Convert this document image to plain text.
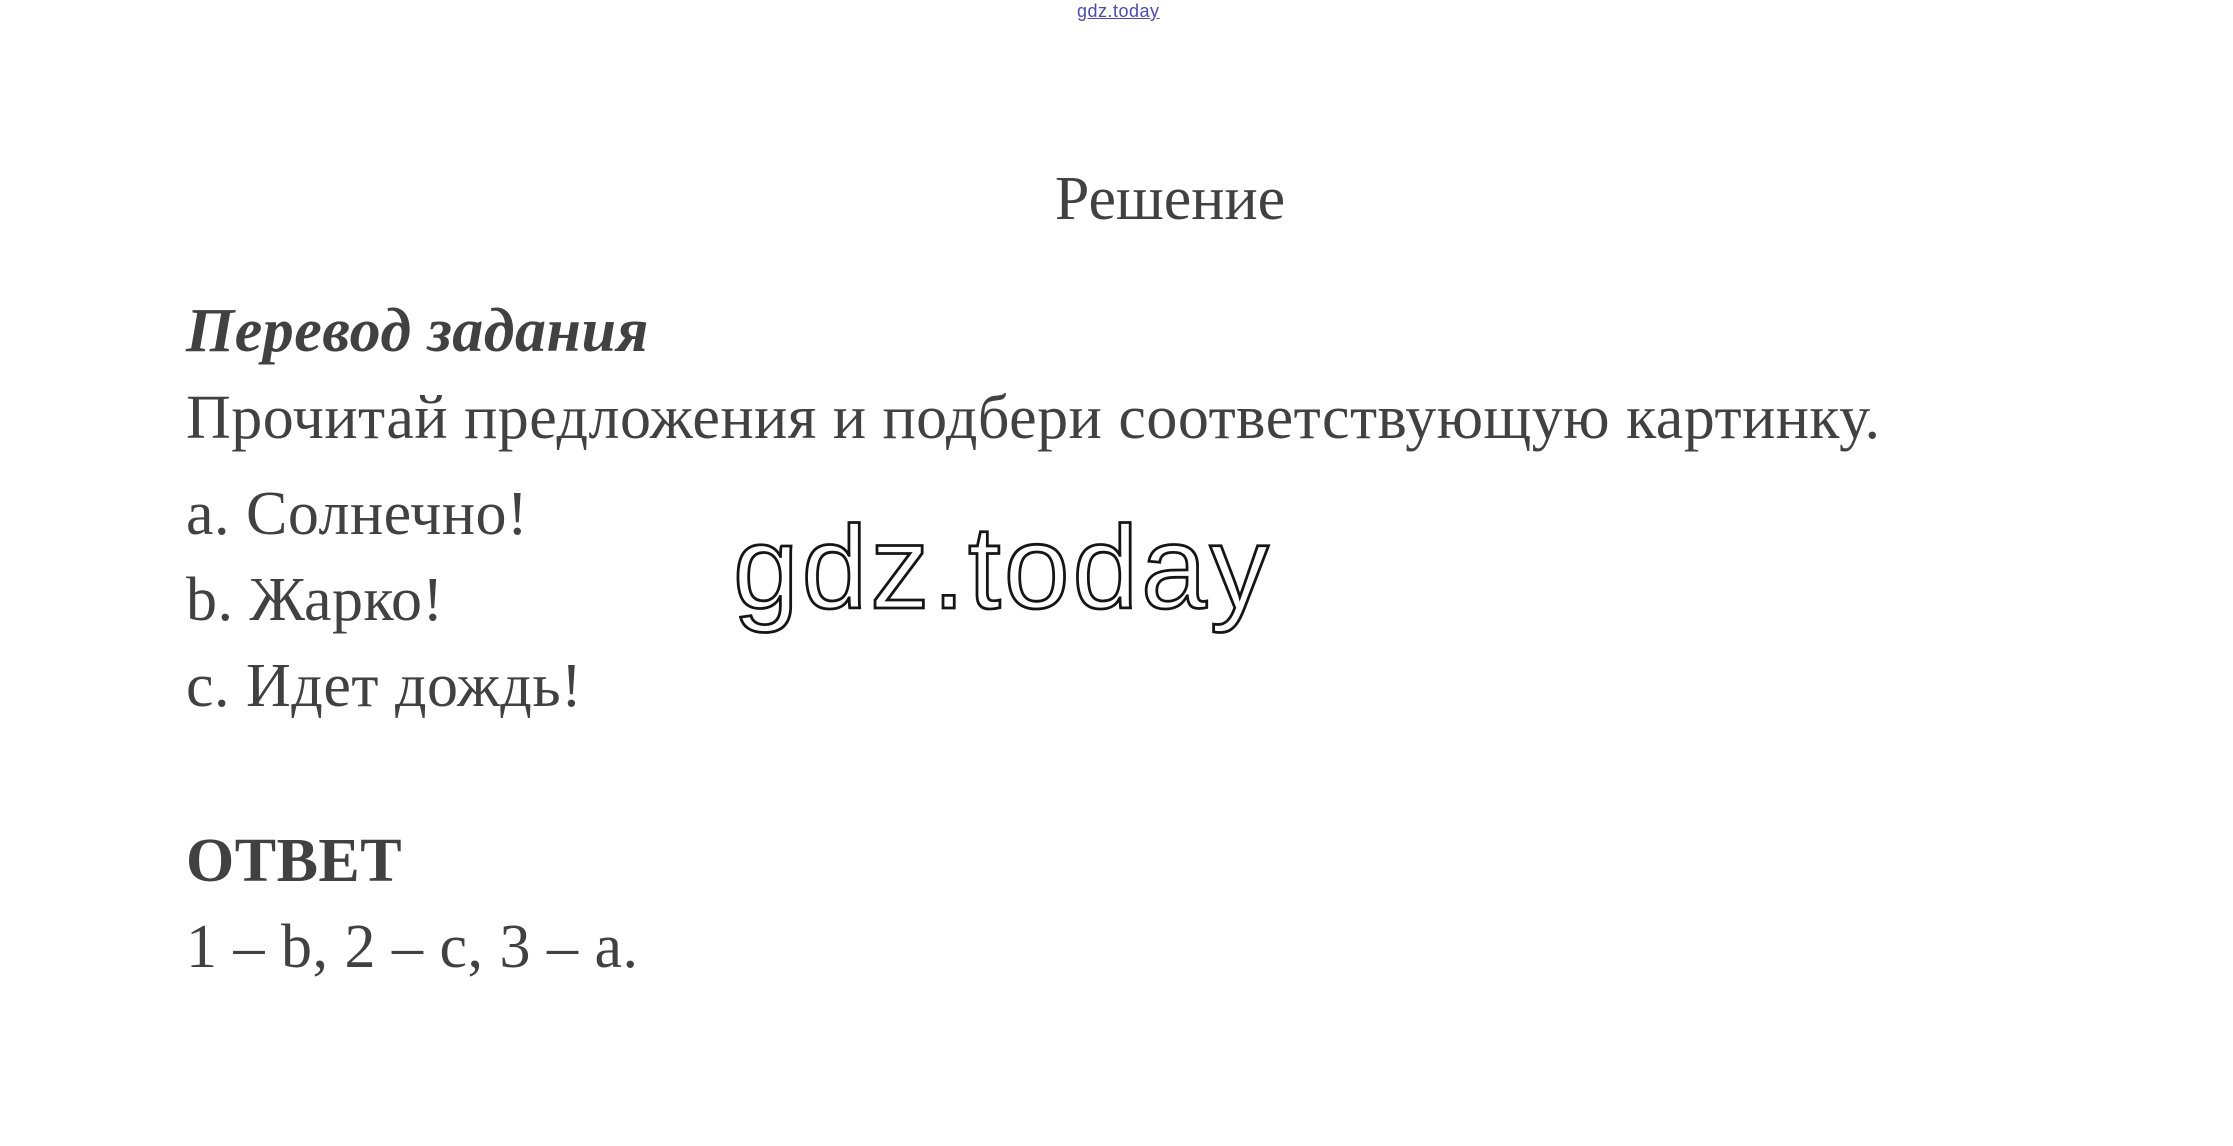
gdz.today
Решение
Перевод задания
Прочитай предложения и подбери соответствующую картинку.
a. Солнечно!
b. Жарко!
c. Идет дождь!
gdz.today
ОТВЕТ
1 – b, 2 – c, 3 – a.
